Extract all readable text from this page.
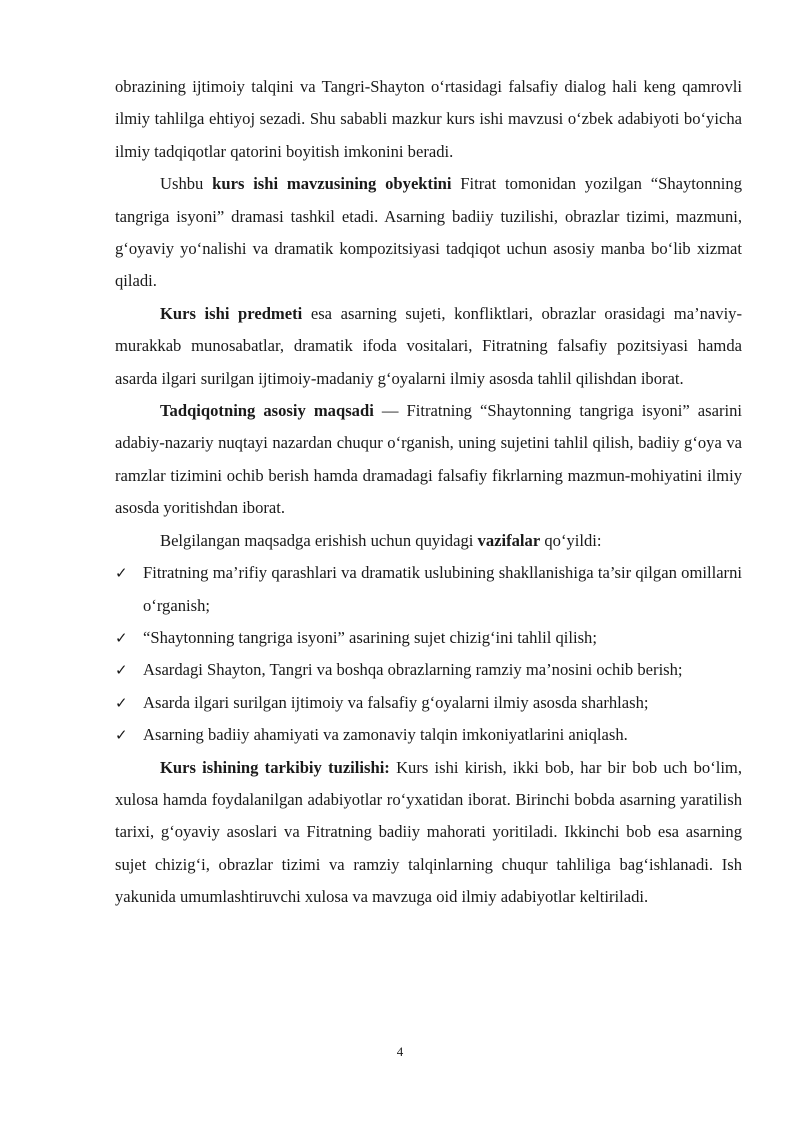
obrazining ijtimoiy talqini va Tangri-Shayton oʻrtasidagi falsafiy dialog hali keng qamrovli ilmiy tahlilga ehtiyoj sezadi. Shu sababli mazkur kurs ishi mavzusi oʻzbek adabiyoti boʻyicha ilmiy tadqiqotlar qatorini boyitish imkonini beradi.

Ushbu kurs ishi mavzusining obyektini Fitrat tomonidan yozilgan “Shaytonning tangriga isyoni” dramasi tashkil etadi. Asarning badiiy tuzilishi, obrazlar tizimi, mazmuni, gʻoyaviy yoʻnalishi va dramatik kompozitsiyasi tadqiqot uchun asosiy manba boʻlib xizmat qiladi.

Kurs ishi predmeti esa asarning sujeti, konfliktlari, obrazlar orasidagi ma’naviy-murakkab munosabatlar, dramatik ifoda vositalari, Fitratning falsafiy pozitsiyasi hamda asarda ilgari surilgan ijtimoiy-madaniy gʻoyalarni ilmiy asosda tahlil qilishdan iborat.

Tadqiqotning asosiy maqsadi — Fitratning “Shaytonning tangriga isyoni” asarini adabiy-nazariy nuqtayi nazardan chuqur oʻrganish, uning sujetini tahlil qilish, badiiy gʻoya va ramzlar tizimini ochib berish hamda dramadagi falsafiy fikrlarning mazmun-mohiyatini ilmiy asosda yoritishdan iborat.

Belgilangan maqsadga erishish uchun quyidagi vazifalar qoʻyildi:

✓ Fitratning ma’rifiy qarashlari va dramatik uslubining shakllanishiga ta’sir qilgan omillarni oʻrganish;
✓ “Shaytonning tangriga isyoni” asarining sujet chizigʻini tahlil qilish;
✓ Asardagi Shayton, Tangri va boshqa obrazlarning ramziy ma’nosini ochib berish;
✓ Asarda ilgari surilgan ijtimoiy va falsafiy gʻoyalarni ilmiy asosda sharhlash;
✓ Asarning badiiy ahamiyati va zamonaviy talqin imkoniyatlarini aniqlash.

Kurs ishining tarkibiy tuzilishi: Kurs ishi kirish, ikki bob, har bir bob uch boʻlim, xulosa hamda foydalanilgan adabiyotlar roʻyxatidan iborat. Birinchi bobda asarning yaratilish tarixi, gʻoyaviy asoslari va Fitratning badiiy mahorati yoritiladi. Ikkinchi bob esa asarning sujet chizigʻi, obrazlar tizimi va ramziy talqinlarning chuqur tahliliga bagʻishlanadi. Ish yakunida umumlashtiruvchi xulosa va mavzuga oid ilmiy adabiyotlar keltiriladi.

4
